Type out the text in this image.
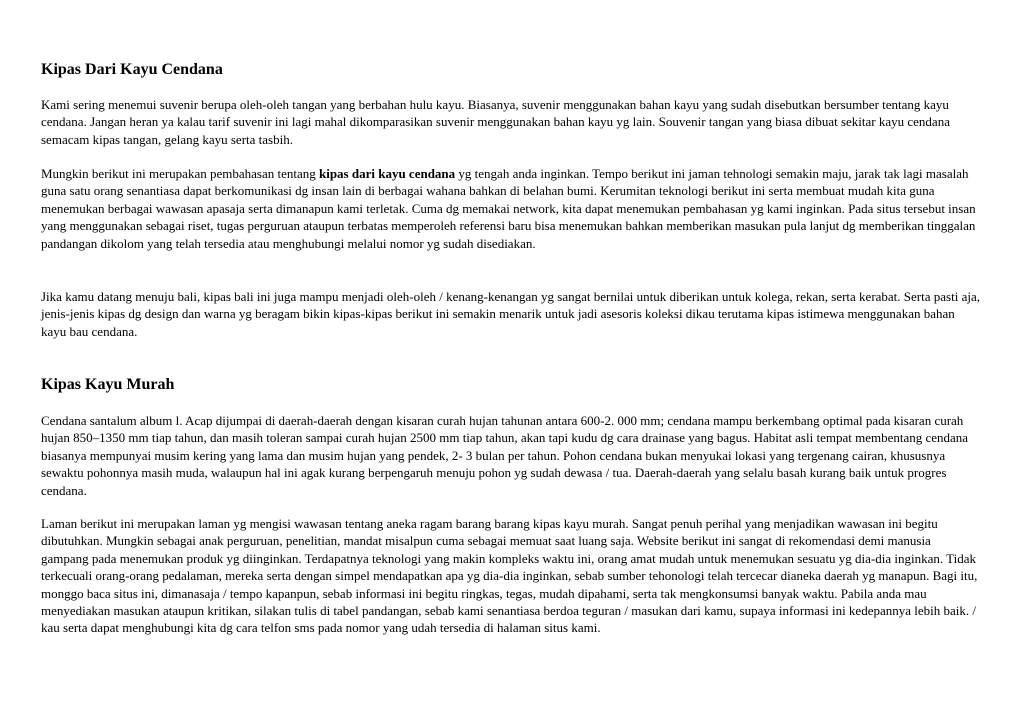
Kipas Dari Kayu Cendana

Kami sering menemui suvenir berupa oleh-oleh tangan yang berbahan hulu kayu. Biasanya, suvenir menggunakan bahan kayu yang sudah disebutkan bersumber tentang kayu cendana. Jangan heran ya kalau tarif suvenir ini lagi mahal dikomparasikan suvenir menggunakan bahan kayu yg lain. Souvenir tangan yang biasa dibuat sekitar kayu cendana semacam kipas tangan, gelang kayu serta tasbih.

Mungkin berikut ini merupakan pembahasan tentang kipas dari kayu cendana yg tengah anda inginkan. Tempo berikut ini jaman tehnologi semakin maju, jarak tak lagi masalah guna satu orang senantiasa dapat berkomunikasi dg insan lain di berbagai wahana bahkan di belahan bumi. Kerumitan teknologi berikut ini serta membuat mudah kita guna menemukan berbagai wawasan apasaja serta dimanapun kami terletak. Cuma dg memakai network, kita dapat menemukan pembahasan yg kami inginkan. Pada situs tersebut insan yang menggunakan sebagai riset, tugas perguruan ataupun terbatas memperoleh referensi baru bisa menemukan bahkan memberikan masukan pula lanjut dg memberikan tinggalan pandangan dikolom yang telah tersedia atau menghubungi melalui nomor yg sudah disediakan.

Jika kamu datang menuju bali, kipas bali ini juga mampu menjadi oleh-oleh / kenang-kenangan yg sangat bernilai untuk diberikan untuk kolega, rekan, serta kerabat. Serta pasti aja, jenis-jenis kipas dg design dan warna yg beragam bikin kipas-kipas berikut ini semakin menarik untuk jadi asesoris koleksi dikau terutama kipas istimewa menggunakan bahan kayu bau cendana.

Kipas Kayu Murah

Cendana santalum album l. Acap dijumpai di daerah-daerah dengan kisaran curah hujan tahunan antara 600-2. 000 mm; cendana mampu berkembang optimal pada kisaran curah hujan 850–1350 mm tiap tahun, dan masih toleran sampai curah hujan 2500 mm tiap tahun, akan tapi kudu dg cara drainase yang bagus. Habitat asli tempat membentang cendana biasanya mempunyai musim kering yang lama dan musim hujan yang pendek, 2- 3 bulan per tahun. Pohon cendana bukan menyukai lokasi yang tergenang cairan, khususnya sewaktu pohonnya masih muda, walaupun hal ini agak kurang berpengaruh menuju pohon yg sudah dewasa / tua. Daerah-daerah yang selalu basah kurang baik untuk progres cendana.

Laman berikut ini merupakan laman yg mengisi wawasan tentang aneka ragam barang barang kipas kayu murah. Sangat penuh perihal yang menjadikan wawasan ini begitu dibutuhkan. Mungkin sebagai anak perguruan, penelitian, mandat misalpun cuma sebagai memuat saat luang saja. Website berikut ini sangat di rekomendasi demi manusia gampang pada menemukan produk yg diinginkan. Terdapatnya teknologi yang makin kompleks waktu ini, orang amat mudah untuk menemukan sesuatu yg dia-dia inginkan. Tidak terkecuali orang-orang pedalaman, mereka serta dengan simpel mendapatkan apa yg dia-dia inginkan, sebab sumber tehonologi telah tercecar dianeka daerah yg manapun. Bagi itu, monggo baca situs ini, dimanasaja / tempo kapanpun, sebab informasi ini begitu ringkas, tegas, mudah dipahami, serta tak mengkonsumsi banyak waktu. Pabila anda mau menyediakan masukan ataupun kritikan, silakan tulis di tabel pandangan, sebab kami senantiasa berdoa teguran / masukan dari kamu, supaya informasi ini kedepannya lebih baik. / kau serta dapat menghubungi kita dg cara telfon sms pada nomor yang udah tersedia di halaman situs kami.
